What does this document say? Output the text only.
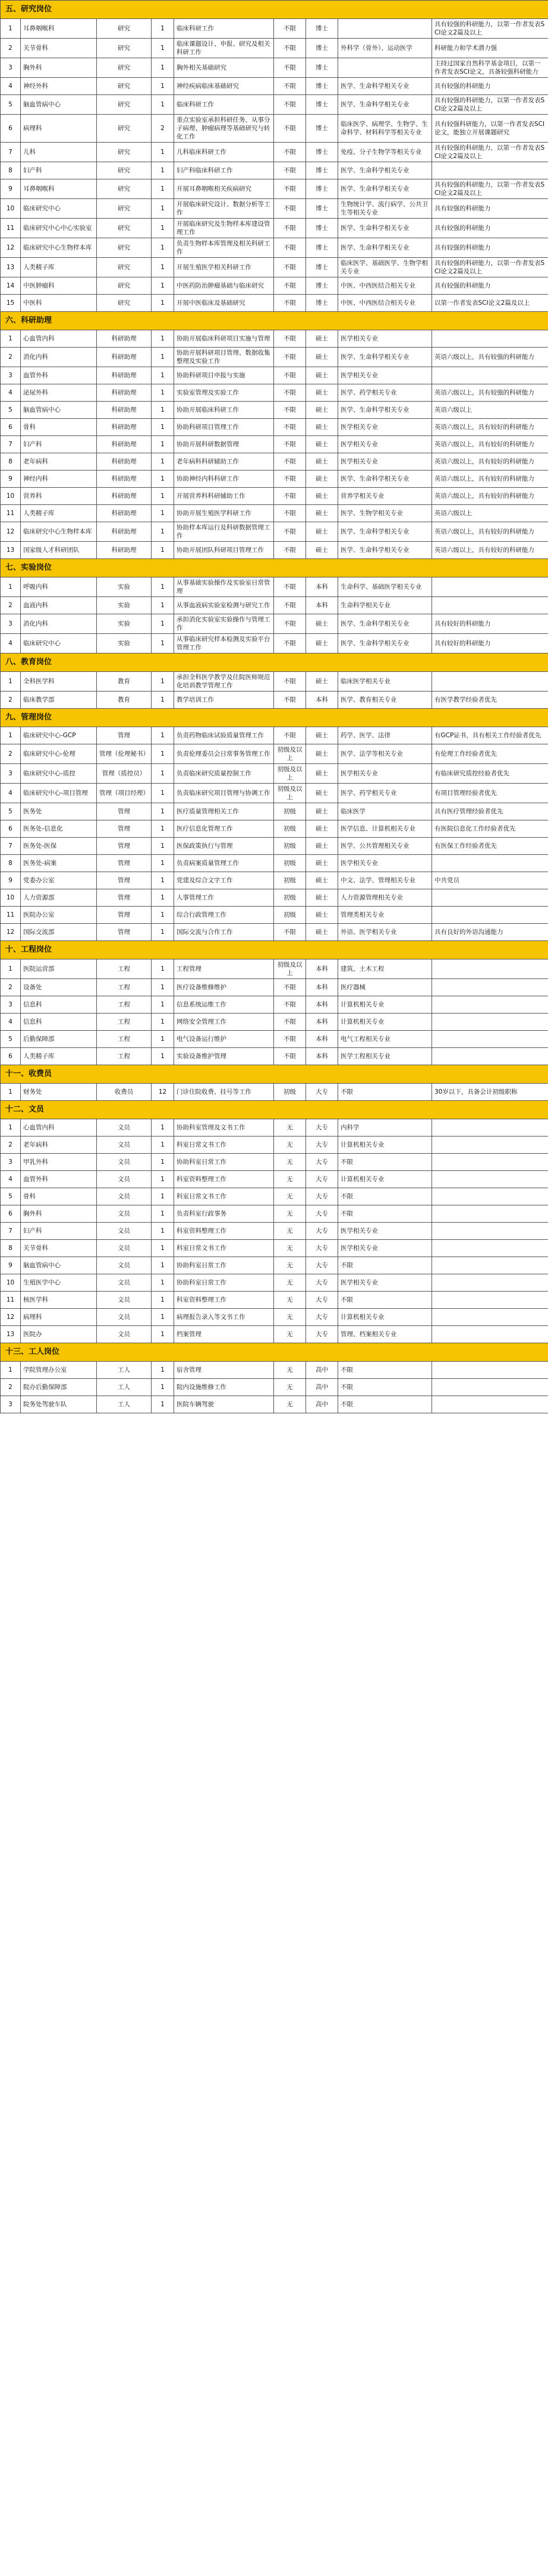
五、研究岗位								
1	耳鼻咽喉科	研究	1	临床科研工作	不限	博士		具有较强的科研能力，以第一作者发表SCI论文2篇及以上
2	关节骨科	研究	1	临床课题设计、申报、研究及相关科研工作	不限	博士	外科学（骨外）、运动医学	科研能力和学术潜力强
3	胸外科	研究	1	胸外相关基础研究	不限	博士		主持过国家自然科学基金项目，以第一作者发表SCI论文，具备较强科研能力
4	神经外科	研究	1	神经疾病临床基础研究	不限	博士	医学、生命科学相关专业	具有较强的科研能力
5	脑血管病中心	研究	1	临床科研工作	不限	博士	医学、生命科学相关专业	具有较强的科研能力，以第一作者发表SCI论文2篇及以上
6	病理科	研究	2	重点实验室承担科研任务，从事分子病理、肿瘤病理等基础研究与转化工作	不限	博士	临床医学、病理学、生物学、生命科学、材料科学等相关专业	具有较强科研能力，以第一作者发表SCI论文，能独立开展课题研究
7	儿科	研究	1	儿科临床科研工作	不限	博士	免疫、分子生物学等相关专业	具有较强的科研能力，以第一作者发表SCI论文2篇及以上
8	妇产科	研究	1	妇产科临床科研工作	不限	博士	医学、生命科学相关专业	
9	耳鼻咽喉科	研究	1	开展耳鼻咽喉相关疾病研究	不限	博士	医学、生命科学相关专业	具有较强的科研能力，以第一作者发表SCI论文2篇及以上
10	临床研究中心	研究	1	开展临床研究设计、数据分析等工作	不限	博士	生物统计学、流行病学、公共卫生等相关专业	具有较强的科研能力
11	临床研究中心中心实验室	研究	1	开展临床研究及生物样本库建设管理工作	不限	博士	医学、生命科学相关专业	具有较强的科研能力
12	临床研究中心生物样本库	研究	1	负责生物样本库管理及相关科研工作	不限	博士	医学、生命科学相关专业	具有较强的科研能力
13	人类精子库	研究	1	开展生殖医学相关科研工作	不限	博士	临床医学、基础医学、生物学相关专业	具有较强的科研能力，以第一作者发表SCI论文2篇及以上
14	中医肿瘤科	研究	1	中医药防治肿瘤基础与临床研究	不限	博士	中医、中西医结合相关专业	具有较强的科研能力
15	中医科	研究	1	开展中医临床及基础研究	不限	博士	中医、中西医结合相关专业	以第一作者发表SCI论文2篇及以上
六、科研助理								
1	心血管内科	科研助理	1	协助开展临床科研项目实施与管理	不限	硕士	医学相关专业	
2	消化内科	科研助理	1	协助开展科研项目管理、数据收集整理及实验工作	不限	硕士	医学、生命科学相关专业	英语六级以上，具有较强的科研能力
3	血管外科	科研助理	1	协助科研项目申报与实施	不限	硕士	医学相关专业	
4	泌尿外科	科研助理	1	实验室管理及实验工作	不限	硕士	医学、药学相关专业	英语六级以上，具有较强的科研能力
5	脑血管病中心	科研助理	1	协助开展临床科研工作	不限	硕士	医学、生命科学相关专业	英语六级以上
6	骨科	科研助理	1	协助科研项目管理工作	不限	硕士	医学相关专业	英语六级以上，具有较好的科研能力
7	妇产科	科研助理	1	协助开展科研数据管理	不限	硕士	医学相关专业	英语六级以上，具有较好的科研能力
8	老年病科	科研助理	1	老年病科科研辅助工作	不限	硕士	医学相关专业	英语六级以上，具有较好的科研能力
9	神经内科	科研助理	1	协助神经内科科研工作	不限	硕士	医学、生命科学相关专业	英语六级以上，具有较好的科研能力
10	营养科	科研助理	1	开展营养科科研辅助工作	不限	硕士	营养学相关专业	英语六级以上，具有较好的科研能力
11	人类精子库	科研助理	1	协助开展生殖医学科研工作	不限	硕士	医学、生物学相关专业	英语六级以上
12	临床研究中心生物样本库	科研助理	1	协助样本库运行及科研数据管理工作	不限	硕士	医学、生命科学相关专业	英语六级以上，具有较好的科研能力
13	国家级人才科研团队	科研助理	1	协助开展团队科研项目管理工作	不限	硕士	医学、生命科学相关专业	英语六级以上，具有较好的科研能力
七、实验岗位								
1	呼吸内科	实验	1	从事基础实验操作及实验室日常管理	不限	本科	生命科学、基础医学相关专业	
2	血液内科	实验	1	从事血液病实验室检测与研究工作	不限	本科	生命科学相关专业	
3	消化内科	实验	1	承担消化实验室实验操作与管理工作	不限	硕士	医学、生命科学相关专业	具有较好的科研能力
4	临床研究中心	实验	1	从事临床研究样本检测及实验平台管理工作	不限	硕士	医学、生命科学相关专业	具有较好的科研能力
八、教育岗位								
1	全科医学科	教育	1	承担全科医学教学及住院医师规范化培训教学管理工作	不限	硕士	临床医学相关专业	
2	临床教学部	教育	1	教学培训工作	不限	本科	医学、教育相关专业	有医学教学经验者优先
九、管理岗位								
1	临床研究中心-GCP	管理	1	负责药物临床试验质量管理工作	不限	硕士	药学、医学、法律	有GCP证书，具有相关工作经验者优先
2	临床研究中心-伦理	管理（伦理秘书）	1	负责伦理委员会日常事务管理工作	初级及以上	硕士	医学、法学等相关专业	有伦理工作经验者优先
3	临床研究中心-质控	管理（质控员）	1	负责临床研究质量控制工作	初级及以上	硕士	医学相关专业	有临床研究质控经验者优先
4	临床研究中心-项目管理	管理（项目经理）	1	负责临床研究项目管理与协调工作	初级及以上	硕士	医学、药学相关专业	有项目管理经验者优先
5	医务处	管理	1	医疗质量管理相关工作	初级	硕士	临床医学	具有医疗管理经验者优先
6	医务处-信息化	管理	1	医疗信息化管理工作	初级	硕士	医学信息、计算机相关专业	有医院信息化工作经验者优先
7	医务处-医保	管理	1	医保政策执行与管理	初级	硕士	医学、公共管理相关专业	有医保工作经验者优先
8	医务处-病案	管理	1	负责病案质量管理工作	初级	硕士	医学相关专业	
9	党委办公室	管理	1	党建及综合文字工作	初级	硕士	中文、法学、管理相关专业	中共党员
10	人力资源部	管理	1	人事管理工作	初级	硕士	人力资源管理相关专业	
11	医院办公室	管理	1	综合行政管理工作	初级	硕士	管理类相关专业	
12	国际交流部	管理	1	国际交流与合作工作	不限	硕士	外语、医学相关专业	具有良好的外语沟通能力
十、工程岗位								
1	医院运营部	工程	1	工程管理	初级及以上	本科	建筑、土木工程	
2	设备处	工程	1	医疗设备维修维护	不限	本科	医疗器械	
3	信息科	工程	1	信息系统运维工作	不限	本科	计算机相关专业	
4	信息科	工程	1	网络安全管理工作	不限	本科	计算机相关专业	
5	后勤保障部	工程	1	电气设备运行维护	不限	本科	电气工程相关专业	
6	人类精子库	工程	1	实验设备维护管理	不限	本科	医学工程相关专业	
十一、收费员								
1	财务处	收费员	12	门诊住院收费、挂号等工作	初级	大专	不限	30岁以下，具备会计初级职称
十二、文员								
1	心血管内科	文员	1	协助科室管理及文书工作	无	大专	内科学	
2	老年病科	文员	1	科室日常文书工作	无	大专	计算机相关专业	
3	甲乳外科	文员	1	协助科室日常工作	无	大专	不限	
4	血管外科	文员	1	科室资料整理工作	无	大专	计算机相关专业	
5	骨科	文员	1	科室日常文书工作	无	大专	不限	
6	胸外科	文员	1	负责科室行政事务	无	大专	不限	
7	妇产科	文员	1	科室资料整理工作	无	大专	医学相关专业	
8	关节骨科	文员	1	科室日常文书工作	无	大专	医学相关专业	
9	脑血管病中心	文员	1	协助科室日常工作	无	大专	不限	
10	生殖医学中心	文员	1	协助科室日常工作	无	大专	医学相关专业	
11	核医学科	文员	1	科室资料整理工作	无	大专	不限	
12	病理科	文员	1	病理报告录入等文书工作	无	大专	计算机相关专业	
13	医院办	文员	1	档案管理	无	大专	管理、档案相关专业	
十三、工人岗位								
1	学院管理办公室	工人	1	宿舍管理	无	高中	不限	
2	院办后勤保障部	工人	1	院内设施维修工作	无	高中	不限	
3	院务处驾驶车队	工人	1	医院车辆驾驶	无	高中	不限	
